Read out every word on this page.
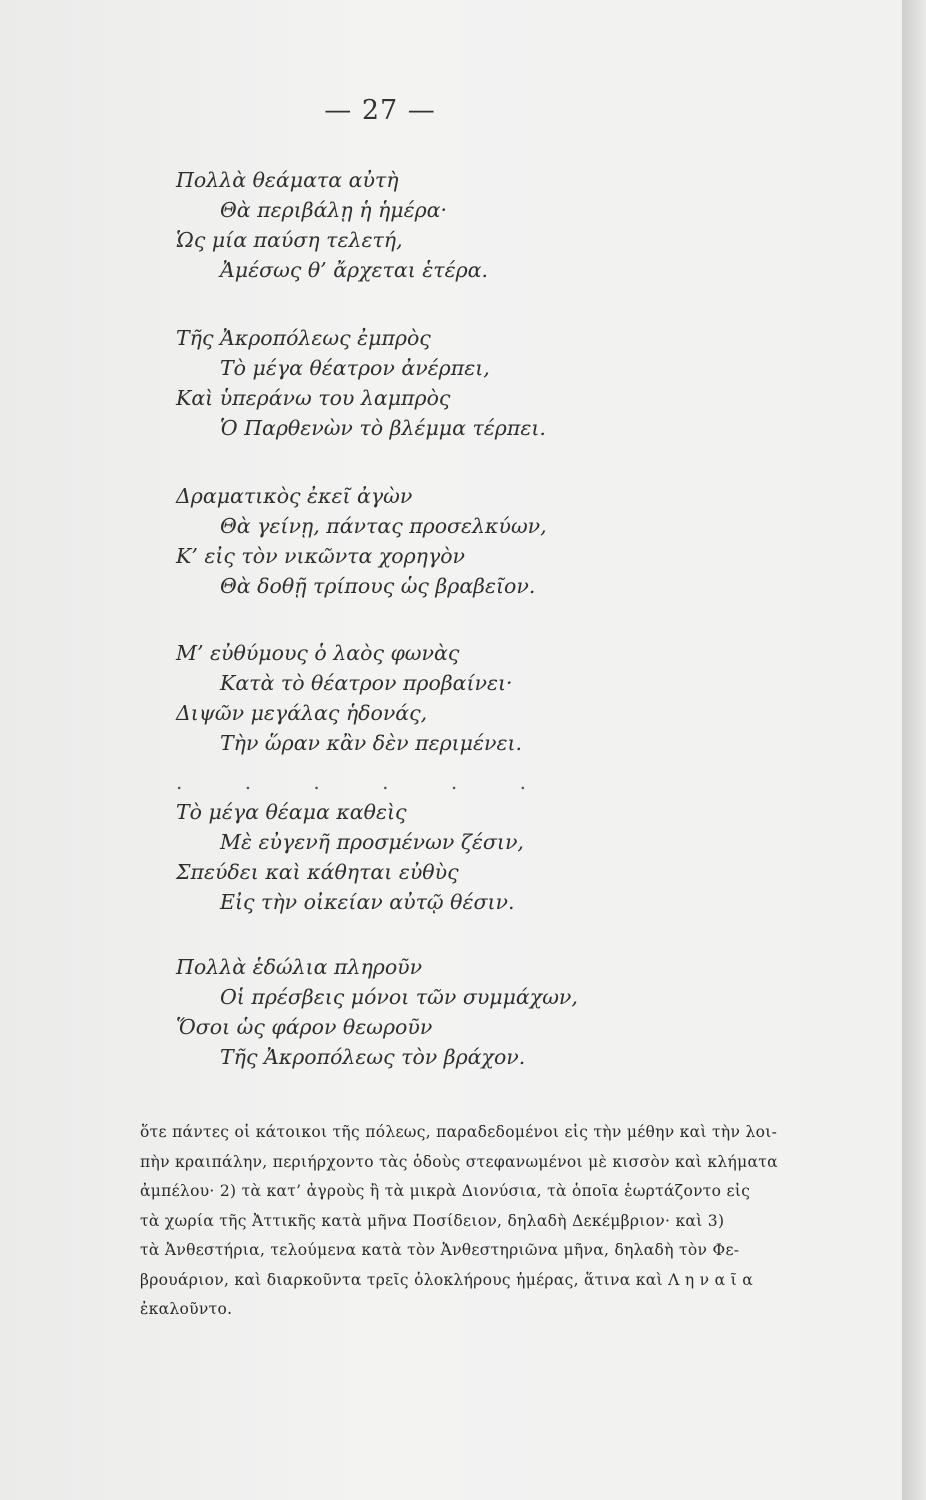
— 27 —
Πολλὰ θεάματα αὐτὴ
Θὰ περιβάλῃ ἡ ἡμέρα·
Ὡς μία παύση τελετή,
Ἀμέσως θ’ ἄρχεται ἑτέρα.
Τῆς Ἀκροπόλεως ἐμπρὸς
Τὸ μέγα θέατρον ἀνέρπει,
Καὶ ὑπεράνω του λαμπρὸς
Ὁ Παρθενὼν τὸ βλέμμα τέρπει.
Δραματικὸς ἐκεῖ ἀγὼν
Θὰ γείνῃ, πάντας προσελκύων,
Κ’ εἰς τὸν νικῶντα χορηγὸν
Θὰ δοθῇ τρίπους ὡς βραβεῖον.
Μ’ εὐθύμους ὁ λαὸς φωνὰς
Κατὰ τὸ θέατρον προβαίνει·
Διψῶν μεγάλας ἡδονάς,
Τὴν ὥραν κἂν δὲν περιμένει.
. . . . . .
Τὸ μέγα θέαμα καθεὶς
Μὲ εὐγενῆ προσμένων ζέσιν,
Σπεύδει καὶ κάθηται εὐθὺς
Εἰς τὴν οἰκείαν αὐτῷ θέσιν.
Πολλὰ ἑδώλια πληροῦν
Οἱ πρέσβεις μόνοι τῶν συμμάχων,
Ὅσοι ὡς φάρον θεωροῦν
Τῆς Ἀκροπόλεως τὸν βράχον.
ὅτε πάντες οἱ κάτοικοι τῆς πόλεως, παραδεδομένοι εἰς τὴν μέθην καὶ τὴν λοι-
πὴν κραιπάλην, περιήρχοντο τὰς ὁδοὺς στεφανωμένοι μὲ κισσὸν καὶ κλήματα
ἀμπέλου· 2) τὰ κατ’ ἀγροὺς ἢ τὰ μικρὰ Διονύσια, τὰ ὁποῖα ἑωρτάζοντο εἰς
τὰ χωρία τῆς Ἀττικῆς κατὰ μῆνα Ποσίδειον, δηλαδὴ Δεκέμβριον· καὶ 3)
τὰ Ἀνθεστήρια, τελούμενα κατὰ τὸν Ἀνθεστηριῶνα μῆνα, δηλαδὴ τὸν Φε-
βρουάριον, καὶ διαρκοῦντα τρεῖς ὁλοκλήρους ἡμέρας, ἅτινα καὶ Λ η ν α ῖ α
ἐκαλοῦντο.
